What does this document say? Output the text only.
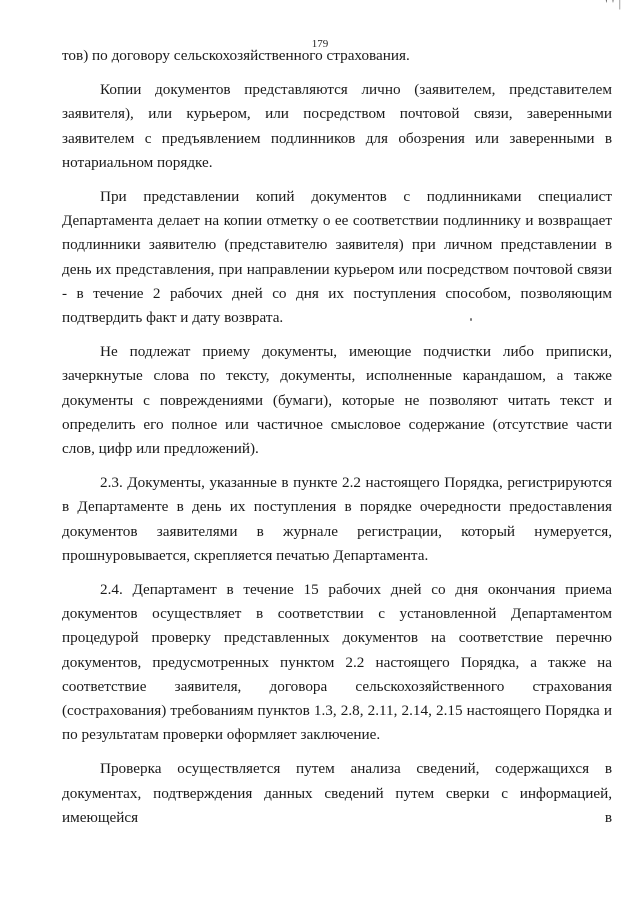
' ' |
179

тов) по договору сельскохозяйственного страхования.

Копии документов представляются лично (заявителем, представителем заявителя), или курьером, или посредством почтовой связи, заверенными заявителем с предъявлением подлинников для обозрения или заверенными в нотариальном порядке.

При представлении копий документов с подлинниками специалист Департамента делает на копии отметку о ее соответствии подлиннику и возвращает подлинники заявителю (представителю заявителя) при личном представлении в день их представления, при направлении курьером или посредством почтовой связи - в течение 2 рабочих дней со дня их поступления способом, позволяющим подтвердить факт и дату возврата.

Не подлежат приему документы, имеющие подчистки либо приписки, зачеркнутые слова по тексту, документы, исполненные карандашом, а также документы с повреждениями (бумаги), которые не позволяют читать текст и определить его полное или частичное смысловое содержание (отсутствие части слов, цифр или предложений).

2.3. Документы, указанные в пункте 2.2 настоящего Порядка, регистрируются в Департаменте в день их поступления в порядке очередности предоставления документов заявителями в журнале регистрации, который нумеруется, прошнуровывается, скрепляется печатью Департамента.

2.4. Департамент в течение 15 рабочих дней со дня окончания приема документов осуществляет в соответствии с установленной Департаментом процедурой проверку представленных документов на соответствие перечню документов, предусмотренных пунктом 2.2 настоящего Порядка, а также на соответствие заявителя, договора сельскохозяйственного страхования (сострахования) требованиям пунктов 1.3, 2.8, 2.11, 2.14, 2.15 настоящего Порядка и по результатам проверки оформляет заключение.

Проверка осуществляется путем анализа сведений, содержащихся в документах, подтверждения данных сведений путем сверки с информацией, имеющейся в
